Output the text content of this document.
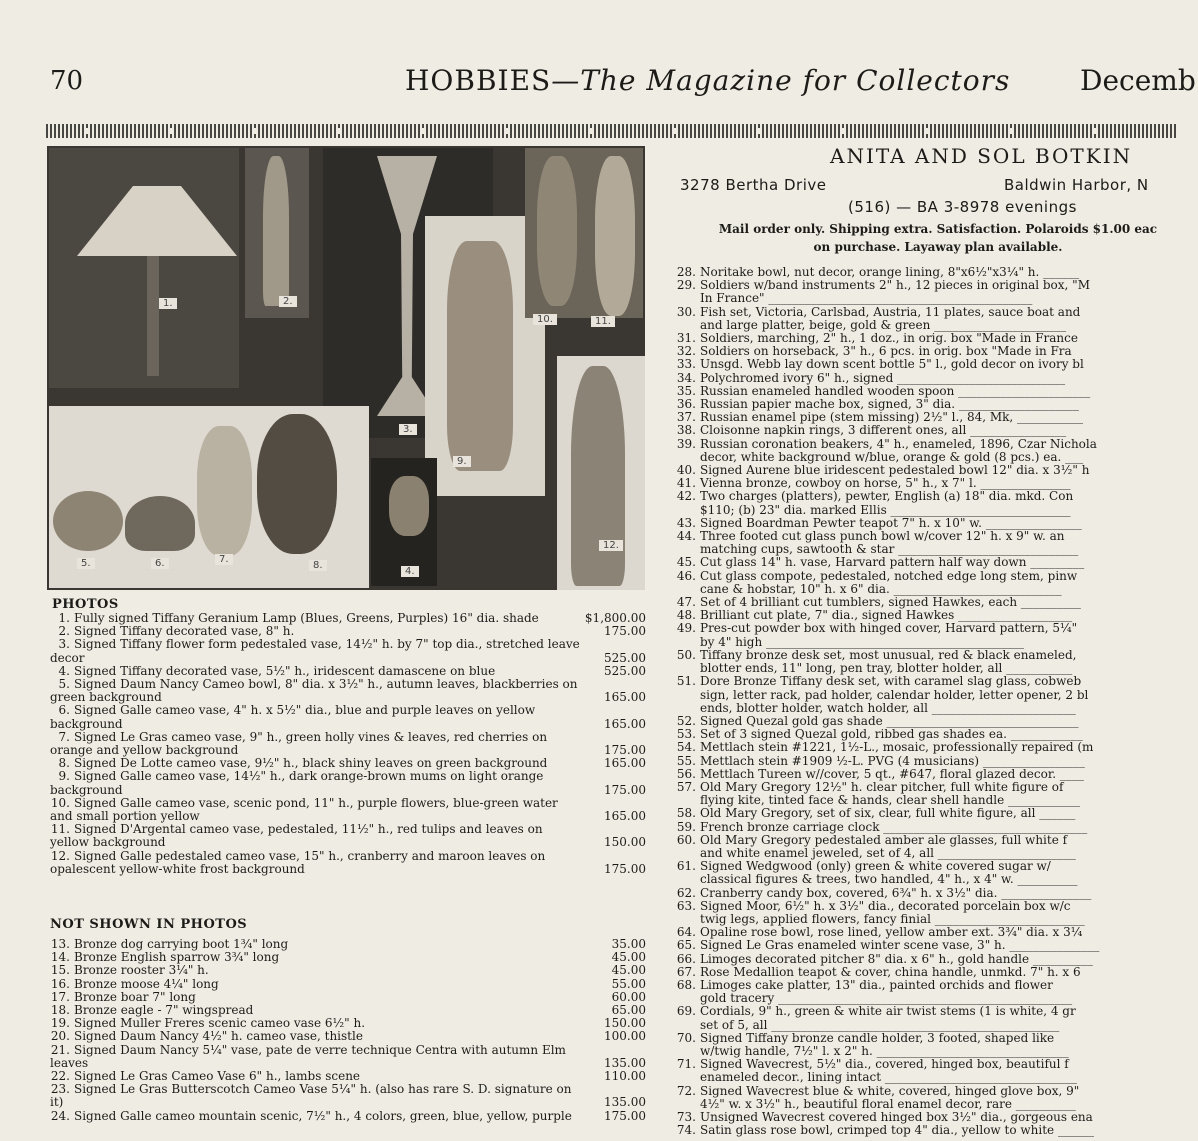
70	HOBBIES—The Magazine for Collectors Decemb
1.	2.
3.
4.
5.	6.	7.
8.
9.
10.	11.
12.
PHOTOS
1. Fully signed Tiffany Geranium Lamp (Blues, Greens, Purples) 16" dia. shade	$1,800.00
2. Signed Tiffany decorated vase, 8" h.	175.00
3. Signed Tiffany flower form pedestaled vase, 14½" h. by 7" top dia., stretched leave decor	525.00
4. Signed Tiffany decorated vase, 5½" h., iridescent damascene on blue	525.00
5. Signed Daum Nancy Cameo bowl, 8" dia. x 3½" h., autumn leaves, blackberries on green background	165.00
6. Signed Galle cameo vase, 4" h. x 5½" dia., blue and purple leaves on yellow background	165.00
7. Signed Le Gras cameo vase, 9" h., green holly vines & leaves, red cherries on orange and yellow background	175.00
8. Signed De Lotte cameo vase, 9½" h., black shiny leaves on green background	165.00
9. Signed Galle cameo vase, 14½" h., dark orange-brown mums on light orange background	175.00
10. Signed Galle cameo vase, scenic pond, 11" h., purple flowers, blue-green water and small portion yellow	165.00
11. Signed D'Argental cameo vase, pedestaled, 11½" h., red tulips and leaves on yellow background	150.00
12. Signed Galle pedestaled cameo vase, 15" h., cranberry and maroon leaves on opalescent yellow-white frost background	175.00
NOT SHOWN IN PHOTOS
13. Bronze dog carrying boot 1¾" long	35.00
14. Bronze English sparrow 3¾" long	45.00
15. Bronze rooster 3¼" h.	45.00
16. Bronze moose 4¼" long	55.00
17. Bronze boar 7" long	60.00
18. Bronze eagle - 7" wingspread	65.00
19. Signed Muller Freres scenic cameo vase 6½" h.	150.00
20. Signed Daum Nancy 4½" h. cameo vase, thistle	100.00
21. Signed Daum Nancy 5¼" vase, pate de verre technique Centra with autumn Elm leaves	135.00
22. Signed Le Gras Cameo Vase 6" h., lambs scene	110.00
23. Signed Le Gras Butterscotch Cameo Vase 5¼" h. (also has rare S. D. signature on it)	135.00
24. Signed Galle cameo mountain scenic, 7½" h., 4 colors, green, blue, yellow, purple	175.00
ANITA AND SOL BOTKIN
3278 Bertha Drive	Baldwin Harbor, N
(516) — BA 3-8978 evenings
Mail order only. Shipping extra. Satisfaction. Polaroids $1.00 eac
on purchase. Layaway plan available.
28. Noritake bowl, nut decor, orange lining, 8"x6½"x3¼" h. ______
29. Soldiers w/band instruments 2" h., 12 pieces in original box, "M
In France" ____________________________________________
30. Fish set, Victoria, Carlsbad, Austria, 11 plates, sauce boat and
and large platter, beige, gold & green ______________________
31. Soldiers, marching, 2" h., 1 doz., in orig. box "Made in France
32. Soldiers on horseback, 3" h., 6 pcs. in orig. box "Made in Fra
33. Unsgd. Webb lay down scent bottle 5" l., gold decor on ivory bl
34. Polychromed ivory 6" h., signed ____________________________
35. Russian enameled handled wooden spoon ______________________
36. Russian papier mache box, signed, 3" dia. ____________________
37. Russian enamel pipe (stem missing) 2½" l., 84, Mk, ___________
38. Cloisonne napkin rings, 3 different ones, all ________________
39. Russian coronation beakers, 4" h., enameled, 1896, Czar Nichola
decor, white background w/blue, orange & gold (8 pcs.) ea. ___
40. Signed Aurene blue iridescent pedestaled bowl 12" dia. x 3½" h
41. Vienna bronze, cowboy on horse, 5" h., x 7" l. _______________
42. Two charges (platters), pewter, English (a) 18" dia. mkd. Con
$110; (b) 23" dia. marked Ellis ______________________________
43. Signed Boardman Pewter teapot 7" h. x 10" w. ________________
44. Three footed cut glass punch bowl w/cover 12" h. x 9" w. an
matching cups, sawtooth & star ______________________________
45. Cut glass 14" h. vase, Harvard pattern half way down _________
46. Cut glass compote, pedestaled, notched edge long stem, pinw
cane & hobstar, 10" h. x 6" dia. ____________________________
47. Set of 4 brilliant cut tumblers, signed Hawkes, each __________
48. Brilliant cut plate, 7" dia., signed Hawkes ___________________
49. Pres-cut powder box with hinged cover, Harvard pattern, 5¼"
by 4" high ___________________________________________
50. Tiffany bronze desk set, most unusual, red & black enameled,
blotter ends, 11" long, pen tray, blotter holder, all ___________
51. Dore Bronze Tiffany desk set, with caramel slag glass, cobweb
sign, letter rack, pad holder, calendar holder, letter opener, 2 bl
ends, blotter holder, watch holder, all ________________________
52. Signed Quezal gold gas shade ________________________________
53. Set of 3 signed Quezal gold, ribbed gas shades ea. ____________
54. Mettlach stein #1221, 1½-L., mosaic, professionally repaired (m
55. Mettlach stein #1909 ½-L. PVG (4 musicians) _________________
56. Mettlach Tureen w//cover, 5 qt., #647, floral glazed decor. ____
57. Old Mary Gregory 12½" h. clear pitcher, full white figure of
flying kite, tinted face & hands, clear shell handle ____________
58. Old Mary Gregory, set of six, clear, full white figure, all ______
59. French bronze carriage clock __________________________________
60. Old Mary Gregory pedestaled amber ale glasses, full white f
and white enamel jeweled, set of 4, all _______________________
61. Signed Wedgwood (only) green & white covered sugar w/
classical figures & trees, two handled, 4" h., x 4" w. __________
62. Cranberry candy box, covered, 6¾" h. x 3½" dia. _______________
63. Signed Moor, 6½" h. x 3½" dia., decorated porcelain box w/c
twig legs, applied flowers, fancy finial _________________________
64. Opaline rose bowl, rose lined, yellow amber ext. 3¾" dia. x 3¼
65. Signed Le Gras enameled winter scene vase, 3" h. _______________
66. Limoges decorated pitcher 8" dia. x 6" h., gold handle __________
67. Rose Medallion teapot & cover, china handle, unmkd. 7" h. x 6
68. Limoges cake platter, 13" dia., painted orchids and flower
gold tracery _________________________________________________
69. Cordials, 9" h., green & white air twist stems (1 is white, 4 gr
set of 5, all ________________________________________________
70. Signed Tiffany bronze candle holder, 3 footed, shaped like
w/twig handle, 7½" l. x 2" h. ________________________________
71. Signed Wavecrest, 5½" dia., covered, hinged box, beautiful f
enameled decor., lining intact ________________________________
72. Signed Wavecrest blue & white, covered, hinged glove box, 9"
4½" w. x 3½" h., beautiful floral enamel decor, rare __________
73. Unsigned Wavecrest covered hinged box 3½" dia., gorgeous ena
74. Satin glass rose bowl, crimped top 4" dia., yellow to white ______
